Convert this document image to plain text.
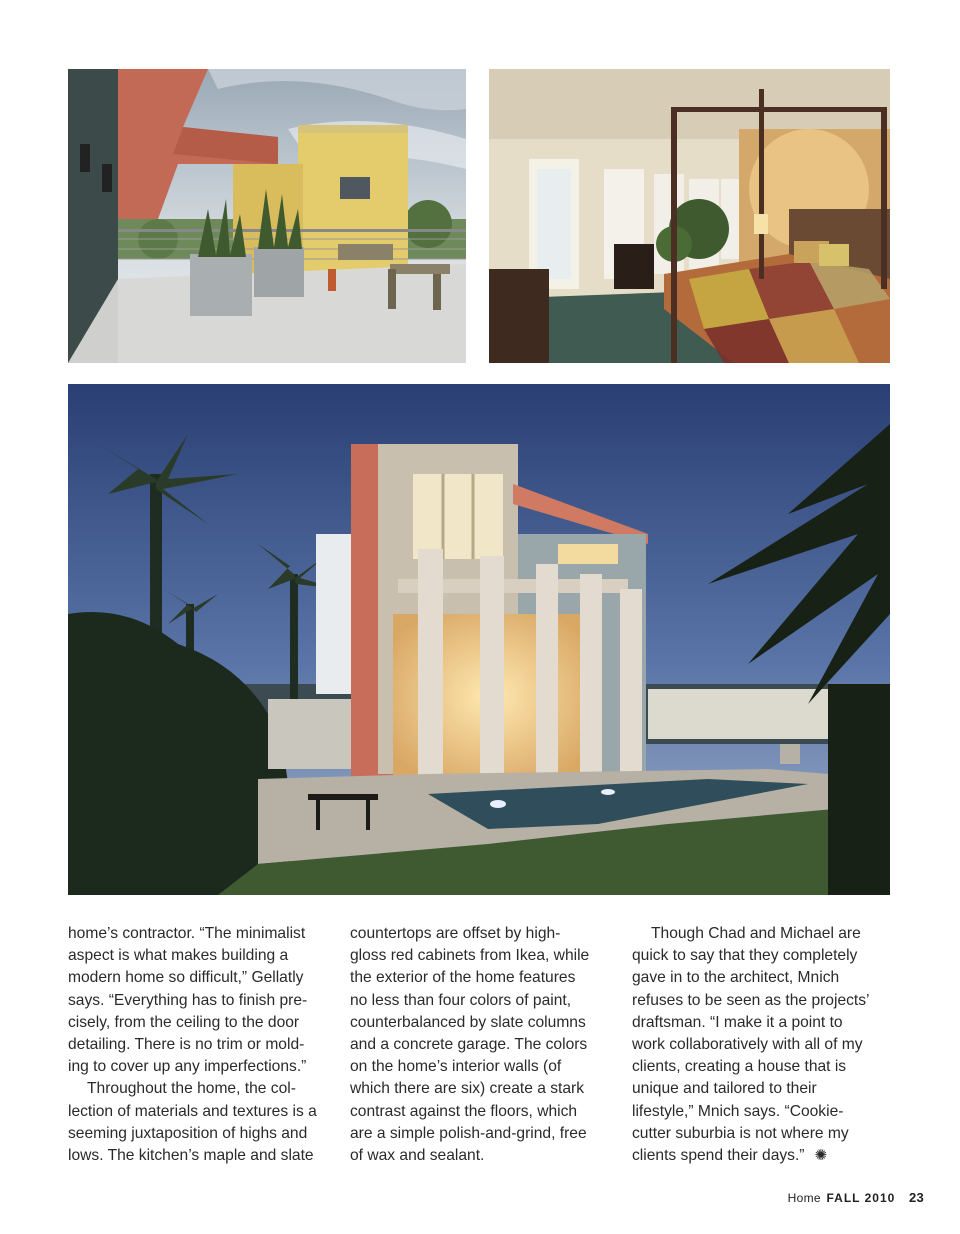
home’s contractor. “The minimalist
aspect is what makes building a
modern home so difficult,” Gellatly
says. “Everything has to finish pre-
cisely, from the ceiling to the door
detailing. There is no trim or mold-
ing to cover up any imperfections.”

Throughout the home, the col-
lection of materials and textures is a
seeming juxtaposition of highs and
lows. The kitchen’s maple and slate

countertops are offset by high-
gloss red cabinets from Ikea, while
the exterior of the home features
no less than four colors of paint,
counterbalanced by slate columns
and a concrete garage. The colors
on the home’s interior walls (of
which there are six) create a stark
contrast against the floors, which
are a simple polish-and-grind, free
of wax and sealant.

Though Chad and Michael are
quick to say that they completely
gave in to the architect, Mnich
refuses to be seen as the projects’
draftsman. “I make it a point to
work collaboratively with all of my
clients, creating a house that is
unique and tailored to their
lifestyle,” Mnich says. “Cookie-
cutter suburbia is not where my
clients spend their days.” ✺

Home FALL 2010 23
